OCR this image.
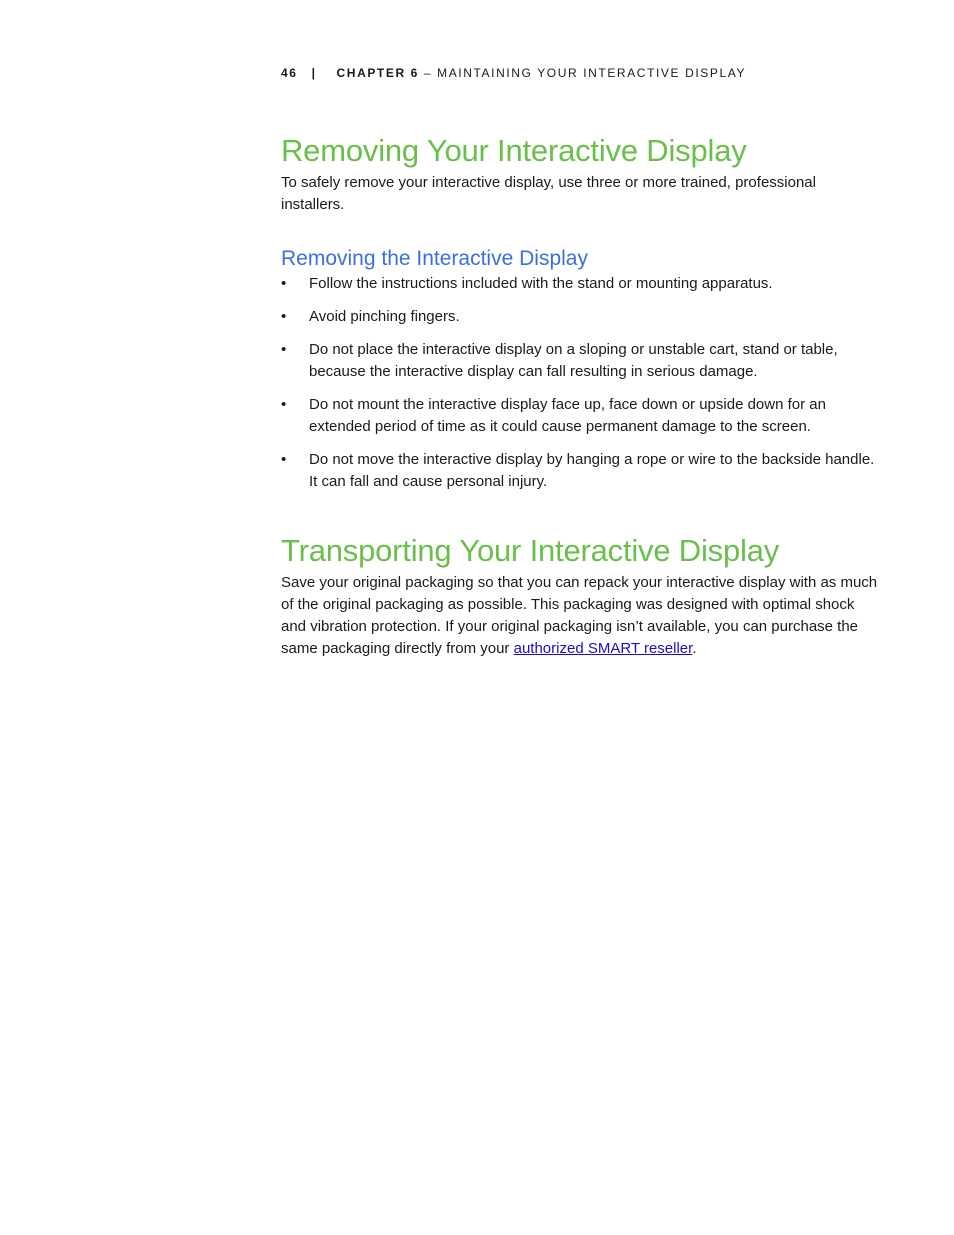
46 | CHAPTER 6 – MAINTAINING YOUR INTERACTIVE DISPLAY
Removing Your Interactive Display

To safely remove your interactive display, use three or more trained, professional installers.

Removing the Interactive Display
• Follow the instructions included with the stand or mounting apparatus.
• Avoid pinching fingers.
• Do not place the interactive display on a sloping or unstable cart, stand or table, because the interactive display can fall resulting in serious damage.
• Do not mount the interactive display face up, face down or upside down for an extended period of time as it could cause permanent damage to the screen.
• Do not move the interactive display by hanging a rope or wire to the backside handle. It can fall and cause personal injury.
Transporting Your Interactive Display

Save your original packaging so that you can repack your interactive display with as much of the original packaging as possible. This packaging was designed with optimal shock and vibration protection. If your original packaging isn’t available, you can purchase the same packaging directly from your authorized SMART reseller.
